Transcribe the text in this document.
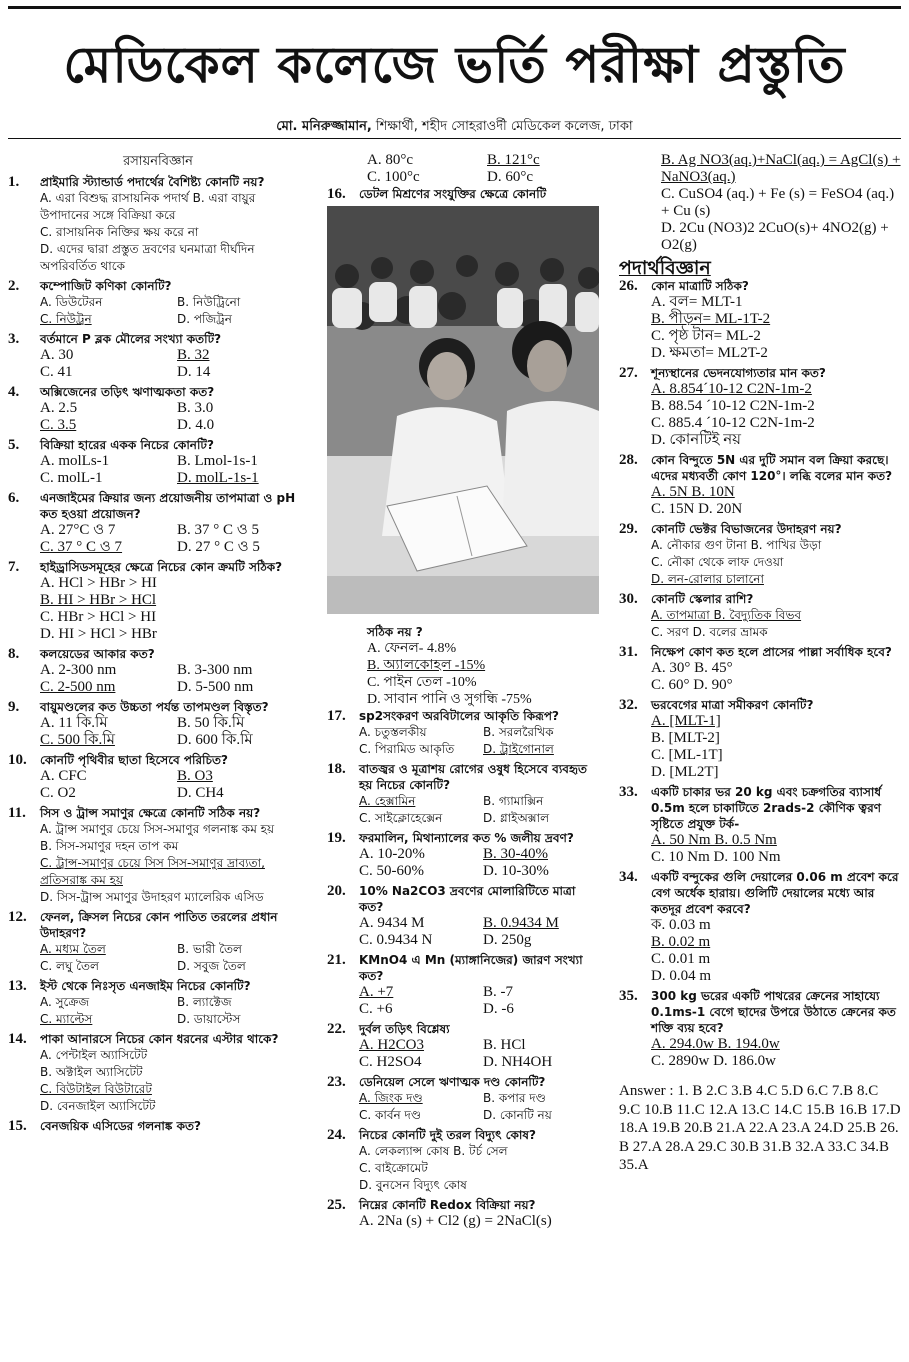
মেডিকেল কলেজে ভর্তি পরীক্ষা প্রস্তুতি
মো. মনিরুজ্জামান, শিক্ষার্থী, শহীদ সোহরাওর্দী মেডিকেল কলেজ, ঢাকা
রসায়নবিজ্ঞান
1. প্রাইমারি স্ট্যান্ডার্ড পদার্থের বৈশিষ্ট্য কোনটি নয়?
A. এরা বিশুদ্ধ রাসায়নিক পদার্থ B. এরা বায়ুর উপাদানের সঙ্গে বিক্রিয়া করে
C. রাসায়নিক নিক্তির ক্ষয় করে না
D. এদের দ্বারা প্রস্তুত দ্রবণের ঘনমাত্রা দীর্ঘদিন অপরিবর্তিত থাকে
2. কম্পোজিট কণিকা কোনটি?
A. ডিউটেরন	B. নিউট্রিনো
C. নিউট্রন	D. পজিট্রন
3. বর্তমানে P ব্লক মৌলের সংখ্যা কতটি?
A. 30	B. 32
C. 41	D. 14
4. অক্সিজেনের তড়িৎ ঋণাত্মকতা কত?
A. 2.5	B. 3.0
C. 3.5	D. 4.0
5. বিক্রিয়া হারের একক নিচের কোনটি?
A. molLs-1	B. Lmol-1s-1
C. molL-1	D. molL-1s-1
6. এনজাইমের ক্রিয়ার জন্য প্রয়োজনীয় তাপমাত্রা ও pH কত হওয়া প্রয়োজন?
A. 27°C ও 7	B. 37 ° C ও 5
C. 37 ° C ও 7	D. 27 ° C ও 5
7. হাইড্রাসিডসমূহের ক্ষেত্রে নিচের কোন ক্রমটি সঠিক?
A. HCl > HBr > HI
B. HI > HBr > HCl
C. HBr > HCl > HI
D. HI > HCl > HBr
8. কলয়েডের আকার কত?
A. 2-300 nm	B. 3-300 nm
C. 2-500 nm	D. 5-500 nm
9. বায়ুমণ্ডলের কত উচ্চতা পর্যন্ত তাপমণ্ডল বিস্তৃত?
A. 11 কি.মি	B. 50 কি.মি
C. 500 কি.মি	D. 600 কি.মি
10. কোনটি পৃথিবীর ছাতা হিসেবে পরিচিত?
A. CFC	B. O3
C. O2	D. CH4
11. সিস ও ট্রান্স সমাণুর ক্ষেত্রে কোনটি সঠিক নয়?
A. ট্রান্স সমাণুর চেয়ে সিস-সমাণুর গলনাঙ্ক কম হয়
B. সিস-সমাণুর দহন তাপ কম
C. ট্রান্স-সমাণুর চেয়ে সিস সিস-সমাণুর দ্রাব্যতা, প্রতিসরাঙ্ক কম হয়
D. সিস-ট্রান্স সমাণুর উদাহরণ ম্যালেরিক এসিড
12. ফেনল, ক্রিসল নিচের কোন পাতিত তরলের প্রধান উদাহরণ?
A. মধ্যম তৈল	B. ভারী তৈল
C. লঘু তৈল	D. সবুজ তৈল
13. ইস্ট থেকে নিঃসৃত এনজাইম নিচের কোনটি?
A. সুক্রেজ	B. ল্যাক্টেজ
C. ম্যাল্টেস	D. ডায়াস্টেস
14. পাকা আনারসে নিচের কোন ধরনের এস্টার থাকে?
A. পেন্টাইল অ্যাসিটেট
B. অক্টাইল অ্যাসিটেট
C. বিউটাইল বিউটারেট
D. বেনজাইল অ্যাসিটেট
15. বেনজয়িক এসিডের গলনাঙ্ক কত?
A. 80°c	B. 121°c
C. 100°c	D. 60°c
16. ডেটল মিশ্রণের সংযুক্তির ক্ষেত্রে কোনটি
সঠিক নয় ?
A. ফেনল- 4.8%
B. অ্যালকোহল -15%
C. পাইন তেল -10%
D. সাবান পানি ও সুগন্ধি -75%
17. sp2সংকরণ অরবিটালের আকৃতি কিরূপ?
A. চতুস্তলকীয়	B. সরলরৈখিক
C. পিরামিড আকৃতি	D. ট্রাইগোনাল
18. বাতজ্বর ও মূত্রাশয় রোগের ওষুধ হিসেবে ব্যবহৃত হয় নিচের কোনটি?
A. হেক্সামিন	B. গ্যামাক্সিন
C. সাইক্লোহেক্সেন	D. গ্লাইঅক্সাল
19. ফরমালিন, মিথান্যালের কত % জলীয় দ্রবণ?
A. 10-20%	B. 30-40%
C. 50-60%	D. 10-30%
20. 10% Na2CO3 দ্রবণের মোলারিটিতে মাত্রা কত?
A. 9434 M	B. 0.9434 M
C. 0.9434 N	D. 250g
21. KMnO4 এ Mn (ম্যাঙ্গানিজের) জারণ সংখ্যা কত?
A. +7	B. -7
C. +6	D. -6
22. দুর্বল তড়িৎ বিশ্লেষ্য
A. H2CO3	B. HCl
C. H2SO4	D. NH4OH
23. ডেনিয়েল সেলে ঋণাত্মক দণ্ড কোনটি?
A. জিংক দণ্ড	B. কপার দণ্ড
C. কার্বন দণ্ড	D. কোনটি নয়
24. নিচের কোনটি দুই তরল বিদ্যুৎ কোষ?
A. লেকল্যান্স কোষ B. টর্চ সেল
C. বাইক্রোমেট
D. বুনসেন বিদ্যুৎ কোষ
25. নিম্নের কোনটি Redox বিক্রিয়া নয়?
A. 2Na (s) + Cl2 (g) = 2NaCl(s)
B. Ag NO3(aq.)+NaCl(aq.) = AgCl(s) + NaNO3(aq.)
C. CuSO4 (aq.) + Fe (s) = FeSO4 (aq.) + Cu (s)
D. 2Cu (NO3)2 2CuO(s)+ 4NO2(g) + O2(g)
পদার্থবিজ্ঞান
26. কোন মাত্রাটি সঠিক?
A. বল= MLT-1
B. পীড়ন= ML-1T-2
C. পৃষ্ঠ টান= ML-2
D. ক্ষমতা= ML2T-2
27. শূন্যস্থানের ভেদনযোগ্যতার মান কত?
A. 8.854´10-12 C2N-1m-2
B. 88.54 ´10-12 C2N-1m-2
C. 885.4 ´10-12 C2N-1m-2
D. কোনটিই নয়
28. কোন বিন্দুতে 5N এর দুটি সমান বল ক্রিয়া করছে। এদের মধ্যবর্তী কোণ 120°। লব্ধি বলের মান কত?
A. 5N B. 10N
C. 15N D. 20N
29. কোনটি ভেক্টর বিভাজনের উদাহরণ নয়?
A. নৌকার গুণ টানা B. পাখির উড়া
C. নৌকা থেকে লাফ দেওয়া
D. লন-রোলার চালানো
30. কোনটি স্কেলার রাশি?
A. তাপমাত্রা B. বৈদ্যুতিক বিভব
C. সরণ D. বলের ভ্রামক
31. নিক্ষেপ কোণ কত হলে প্রাসের পাল্লা সর্বাধিক হবে?
A. 30° B. 45°
C. 60° D. 90°
32. ভরবেগের মাত্রা সমীকরণ কোনটি?
A. [MLT-1]
B. [MLT-2]
C. [ML-1T]
D. [ML2T]
33. একটি চাকার ভর 20 kg এবং চক্রগতির ব্যাসার্ধ 0.5m হলে চাকাটিতে 2rads-2 কৌণিক ত্বরণ সৃষ্টিতে প্রযুক্ত টর্ক-
A. 50 Nm B. 0.5 Nm
C. 10 Nm D. 100 Nm
34. একটি বন্দুকের গুলি দেয়ালের 0.06 m প্রবেশ করে বেগ অর্ধেক হারায়। গুলিটি দেয়ালের মধ্যে আর কতদূর প্রবেশ করবে?
ক. 0.03 m
B. 0.02 m
C. 0.01 m
D. 0.04 m
35. 300 kg ভরের একটি পাথরের ক্রেনের সাহায্যে 0.1ms-1 বেগে ছাদের উপরে উঠাতে ক্রেনের কত শক্তি ব্যয় হবে?
A. 294.0w B. 194.0w
C. 2890w D. 186.0w
Answer : 1. B 2.C 3.B 4.C 5.D 6.C 7.B 8.C 9.C 10.B 11.C 12.A 13.C 14.C 15.B 16.B 17.D 18.A 19.B 20.B 21.A 22.A 23.A 24.D 25.B 26. B 27.A 28.A 29.C 30.B 31.B 32.A 33.C 34.B 35.A
